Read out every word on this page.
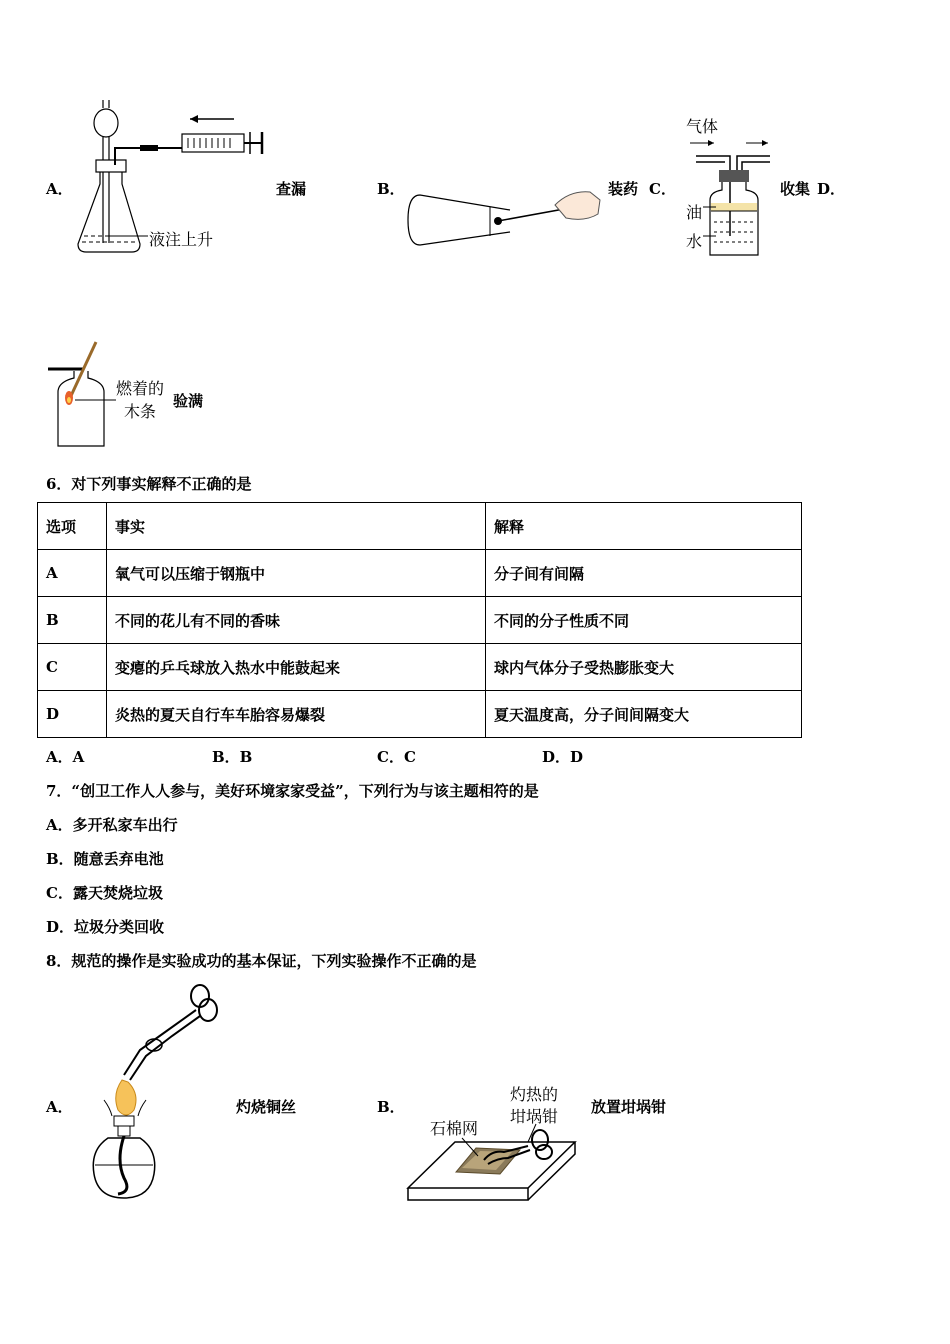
A．
液注上升
查漏	B．	装药 C．
气体
油
水
收集 D．
燃着的
木条
验满
6．对下列事实解释不正确的是
选项	事实	解释
A	氧气可以压缩于钢瓶中	分子间有间隔
B	不同的花儿有不同的香味	不同的分子性质不同
C	变瘪的乒乓球放入热水中能鼓起来	球内气体分子受热膨胀变大
D	炎热的夏天自行车车胎容易爆裂	夏天温度高，分子间间隔变大
A．A	B．B	C．C	D．D
7．“创卫工作人人参与，美好环境家家受益”，下列行为与该主题相符的是
A．多开私家车出行
B．随意丢弃电池
C．露天焚烧垃圾
D．垃圾分类回收
8．规范的操作是实验成功的基本保证，下列实验操作不正确的是
A．	灼烧铜丝	B．
灼热的
坩埚钳
石棉网
放置坩埚钳
